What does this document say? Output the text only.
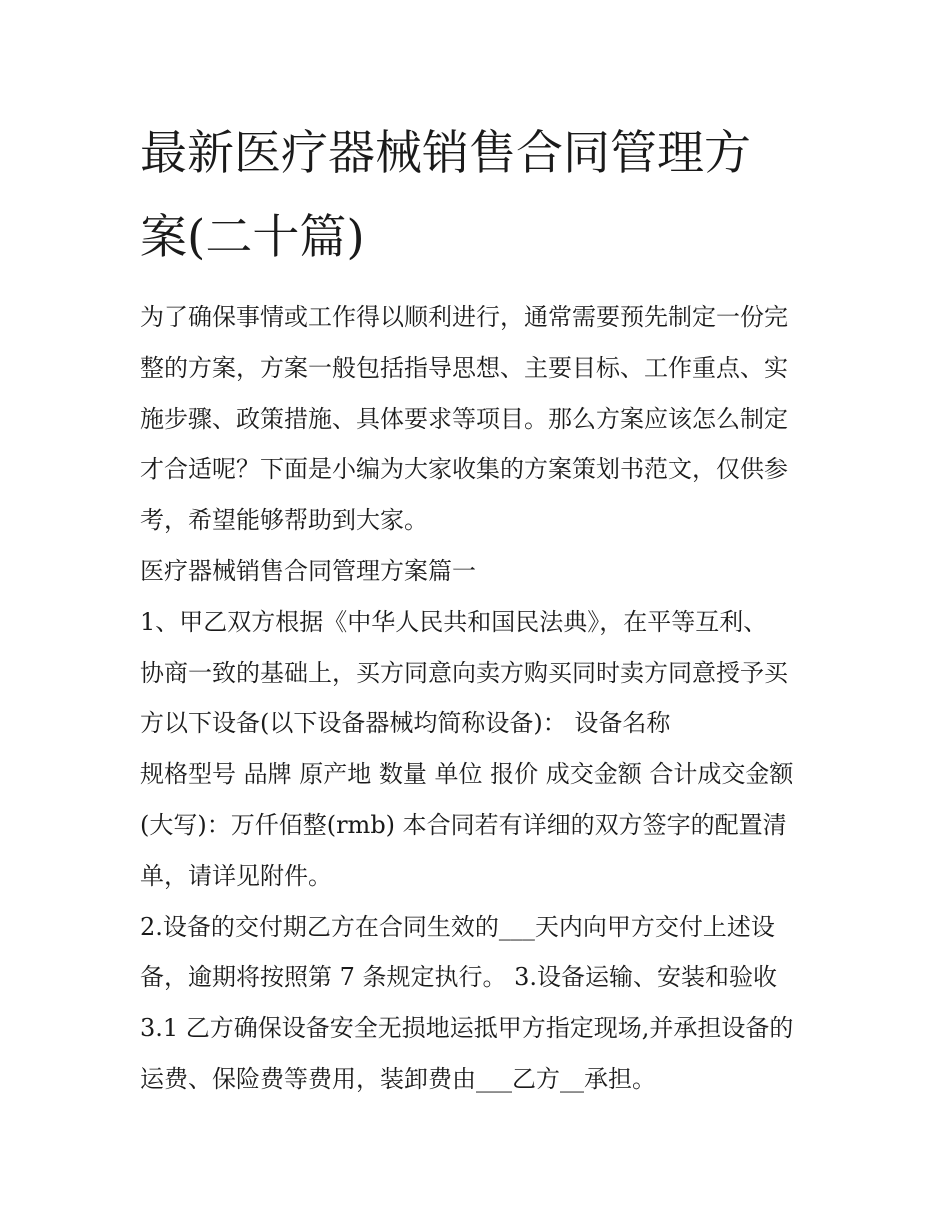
最新医疗器械销售合同管理方
案(二十篇)

为了确保事情或工作得以顺利进行，通常需要预先制定一份完

整的方案，方案一般包括指导思想、主要目标、工作重点、实

施步骤、政策措施、具体要求等项目。那么方案应该怎么制定

才合适呢？下面是小编为大家收集的方案策划书范文，仅供参

考，希望能够帮助到大家。

医疗器械销售合同管理方案篇一

1、甲乙双方根据《中华人民共和国民法典》，在平等互利、

协商一致的基础上，买方同意向卖方购买同时卖方同意授予买

方以下设备(以下设备器械均简称设备)： 设备名称

规格型号 品牌 原产地 数量 单位 报价 成交金额 合计成交金额

(大写)：万仟佰整(rmb) 本合同若有详细的双方签字的配置清

单，请详见附件。

2.设备的交付期乙方在合同生效的___天内向甲方交付上述设

备，逾期将按照第 7 条规定执行。 3.设备运输、安装和验收

3.1 乙方确保设备安全无损地运抵甲方指定现场,并承担设备的

运费、保险费等费用，装卸费由___乙方__承担。
